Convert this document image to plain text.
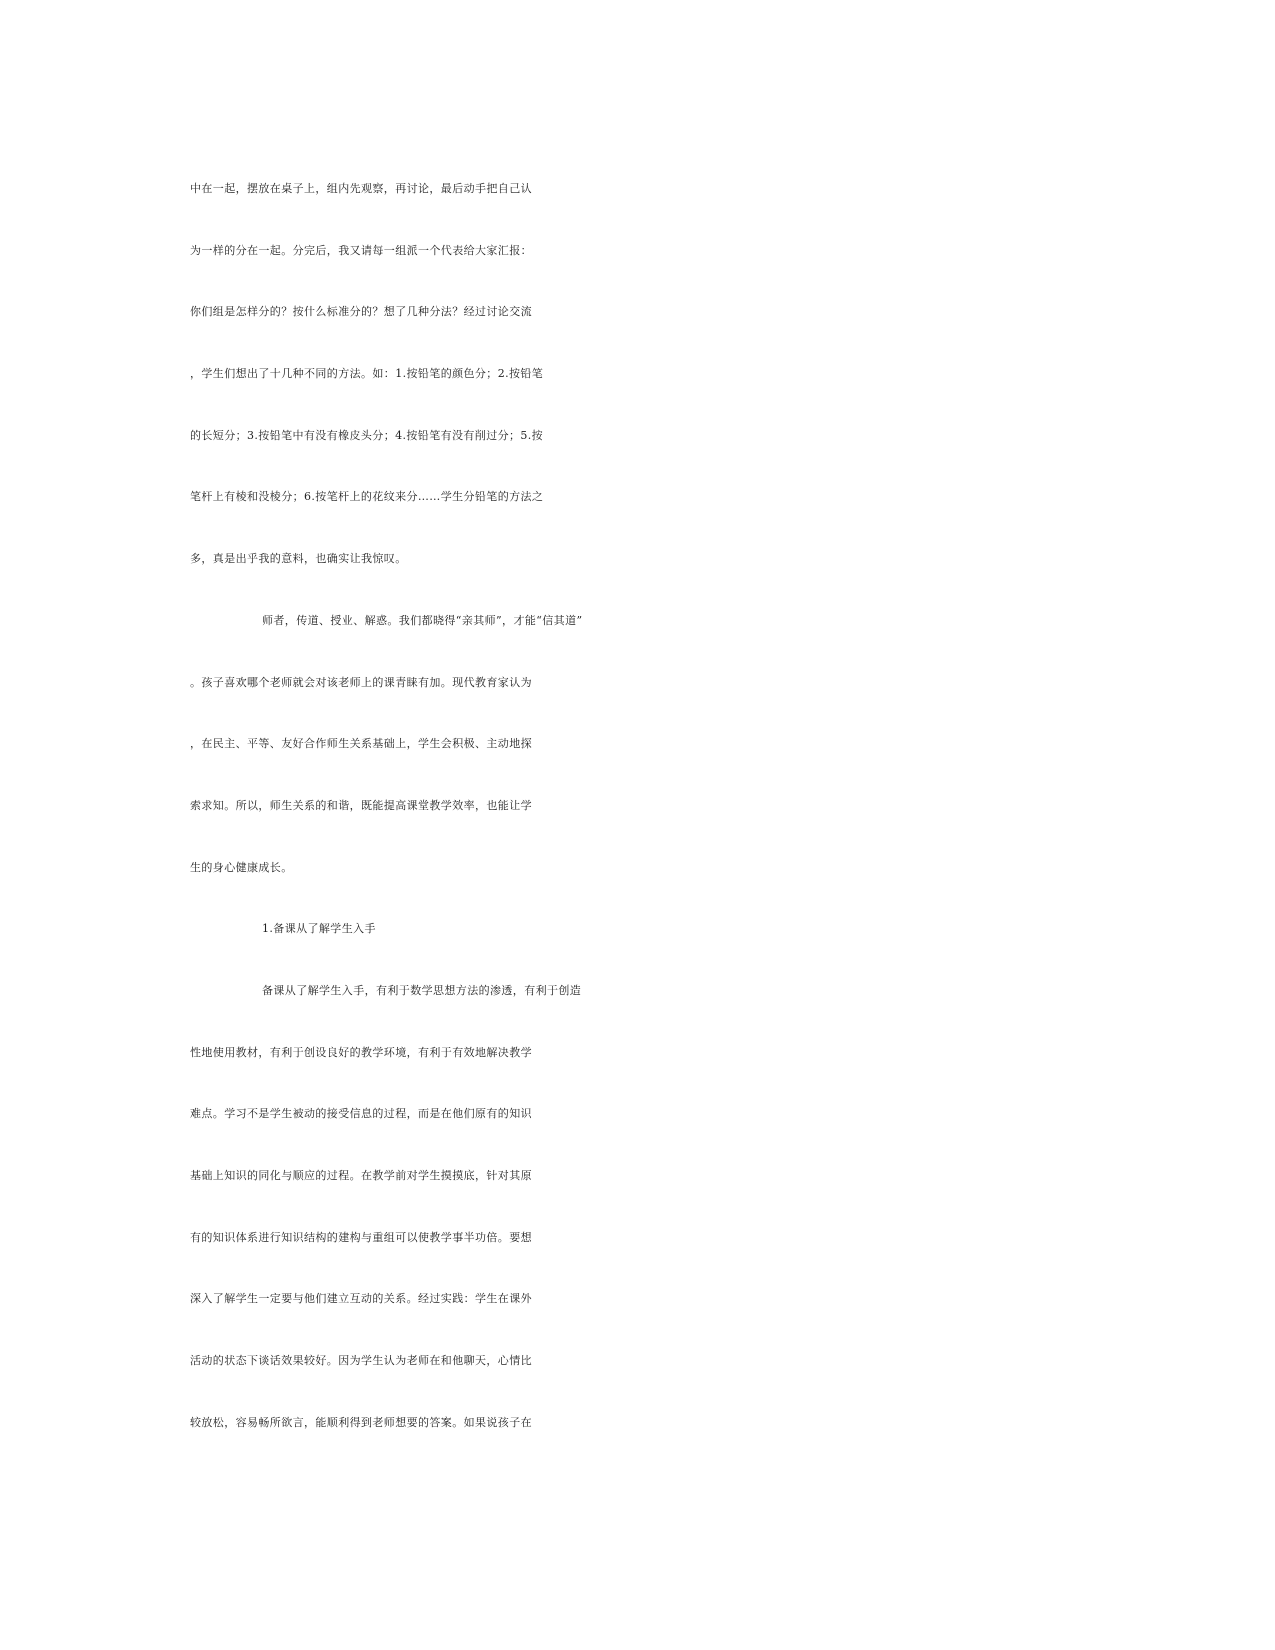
中在一起，摆放在桌子上，组内先观察，再讨论，最后动手把自己认
为一样的分在一起。分完后，我又请每一组派一个代表给大家汇报：
你们组是怎样分的？按什么标准分的？想了几种分法？经过讨论交流
，学生们想出了十几种不同的方法。如：1.按铅笔的颜色分；2.按铅笔
的长短分；3.按铅笔中有没有橡皮头分；4.按铅笔有没有削过分；5.按
笔杆上有棱和没棱分；6.按笔杆上的花纹来分……学生分铅笔的方法之
多，真是出乎我的意料，也确实让我惊叹。
师者，传道、授业、解惑。我们都晓得“亲其师”，才能“信其道”
。孩子喜欢哪个老师就会对该老师上的课青睐有加。现代教育家认为
，在民主、平等、友好合作师生关系基础上，学生会积极、主动地探
索求知。所以，师生关系的和谐，既能提高课堂教学效率，也能让学
生的身心健康成长。
1.备课从了解学生入手
备课从了解学生入手，有利于数学思想方法的渗透，有利于创造
性地使用教材，有利于创设良好的教学环境，有利于有效地解决教学
难点。学习不是学生被动的接受信息的过程，而是在他们原有的知识
基础上知识的同化与顺应的过程。在教学前对学生摸摸底，针对其原
有的知识体系进行知识结构的建构与重组可以使教学事半功倍。要想
深入了解学生一定要与他们建立互动的关系。经过实践：学生在课外
活动的状态下谈话效果较好。因为学生认为老师在和他聊天，心情比
较放松，容易畅所欲言，能顺利得到老师想要的答案。如果说孩子在
